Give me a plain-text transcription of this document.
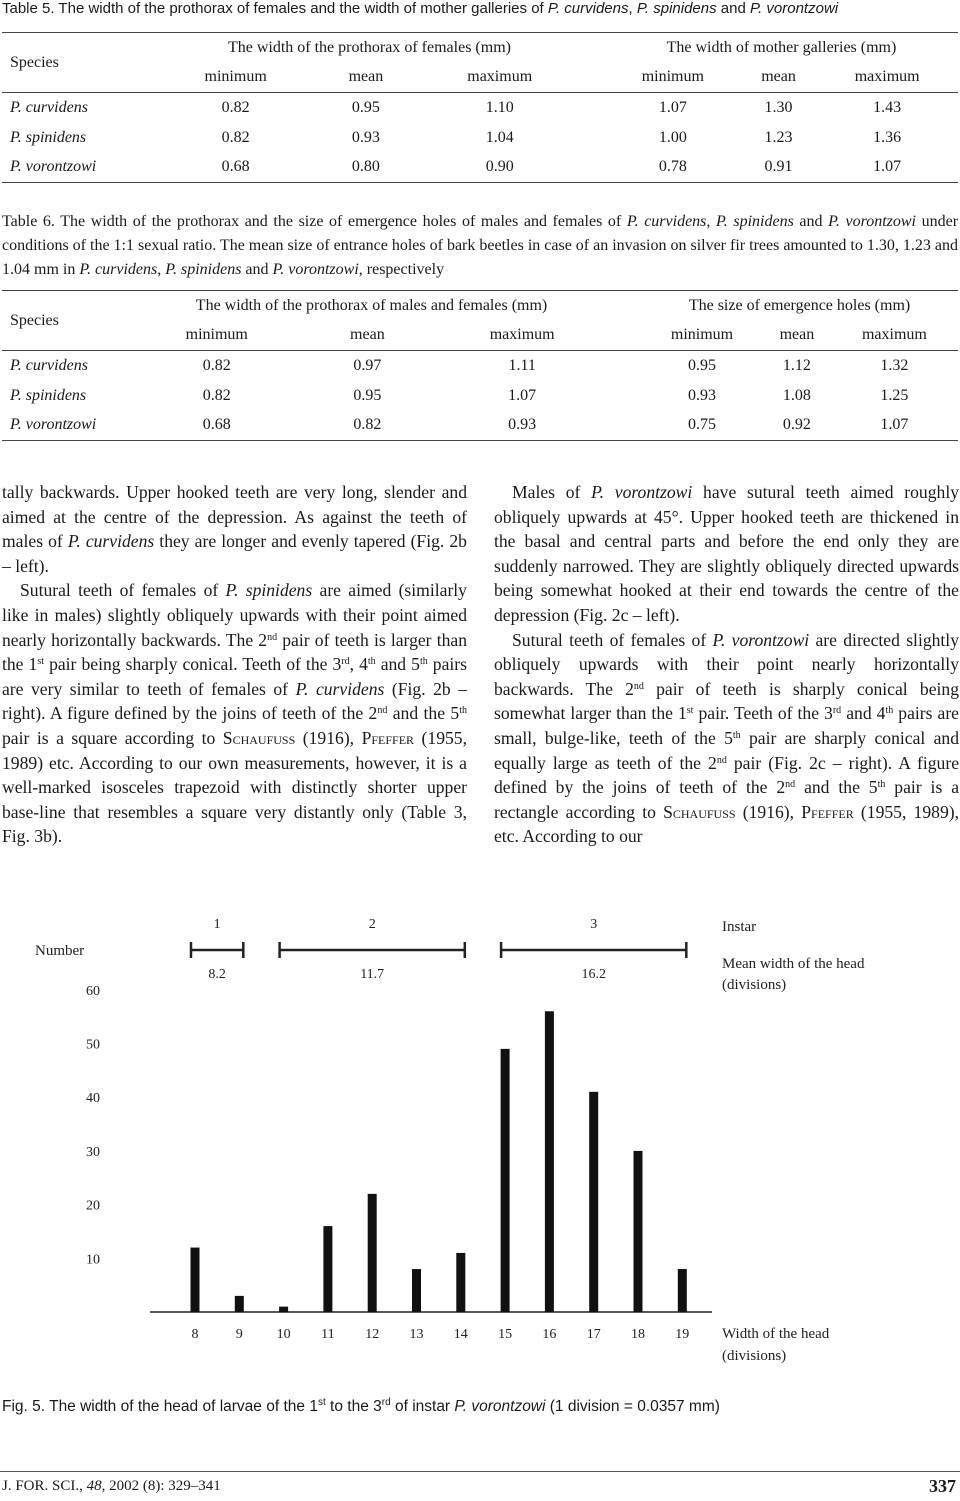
Table 5. The width of the prothorax of females and the width of mother galleries of P. curvidens, P. spinidens and P. vorontzowi
Species	The width of the prothorax of females (mm)				The width of mother galleries (mm)		
	minimum	mean	maximum		minimum	mean	maximum
P. curvidens	0.82	0.95	1.10		1.07	1.30	1.43
P. spinidens	0.82	0.93	1.04		1.00	1.23	1.36
P. vorontzowi	0.68	0.80	0.90		0.78	0.91	1.07
Table 6. The width of the prothorax and the size of emergence holes of males and females of P. curvidens, P. spinidens and P. vorontzowi under conditions of the 1:1 sexual ratio. The mean size of entrance holes of bark beetles in case of an invasion on silver fir trees amounted to 1.30, 1.23 and 1.04 mm in P. curvidens, P. spinidens and P. vorontzowi, respectively
Species	The width of the prothorax of males and females (mm)				The size of emergence holes (mm)		
	minimum	mean	maximum		minimum	mean	maximum
P. curvidens	0.82	0.97	1.11		0.95	1.12	1.32
P. spinidens	0.82	0.95	1.07		0.93	1.08	1.25
P. vorontzowi	0.68	0.82	0.93		0.75	0.92	1.07

tally backwards. Upper hooked teeth are very long, slender and aimed at the centre of the depression. As against the teeth of males of P. curvidens they are longer and evenly tapered (Fig. 2b – left).

Sutural teeth of females of P. spinidens are aimed (similarly like in males) slightly obliquely upwards with their point aimed nearly horizontally backwards. The 2nd pair of teeth is larger than the 1st pair being sharply conical. Teeth of the 3rd, 4th and 5th pairs are very similar to teeth of females of P. curvidens (Fig. 2b – right). A figure defined by the joins of teeth of the 2nd and the 5th pair is a square according to Schaufuss (1916), Pfeffer (1955, 1989) etc. According to our own measurements, however, it is a well-marked isosceles trapezoid with distinctly shorter upper base-line that resembles a square very distantly only (Table 3, Fig. 3b).

Males of P. vorontzowi have sutural teeth aimed roughly obliquely upwards at 45°. Upper hooked teeth are thickened in the basal and central parts and before the end only they are suddenly narrowed. They are slightly obliquely directed upwards being somewhat hooked at their end towards the centre of the depression (Fig. 2c – left).

Sutural teeth of females of P. vorontzowi are directed slightly obliquely upwards with their point nearly horizontally backwards. The 2nd pair of teeth is sharply conical being somewhat larger than the 1st pair. Teeth of the 3rd and 4th pairs are small, bulge-like, teeth of the 5th pair are sharply conical and equally large as teeth of the 2nd pair (Fig. 2c – right). A figure defined by the joins of teeth of the 2nd and the 5th pair is a rectangle according to Schaufuss (1916), Pfeffer (1955, 1989), etc. According to our

Number
10
20
30
40
50
60
8	9 10 11 12 13 14 15 16 17 18 19 Width of the head
(divisions)
1
8.2
2
11.7
3
16.2
Instar
Mean width of the head
(divisions)
Fig. 5. The width of the head of larvae of the 1st to the 3rd of instar P. vorontzowi (1 division = 0.0357 mm)
J. FOR. SCI., 48, 2002 (8): 329–341	337
